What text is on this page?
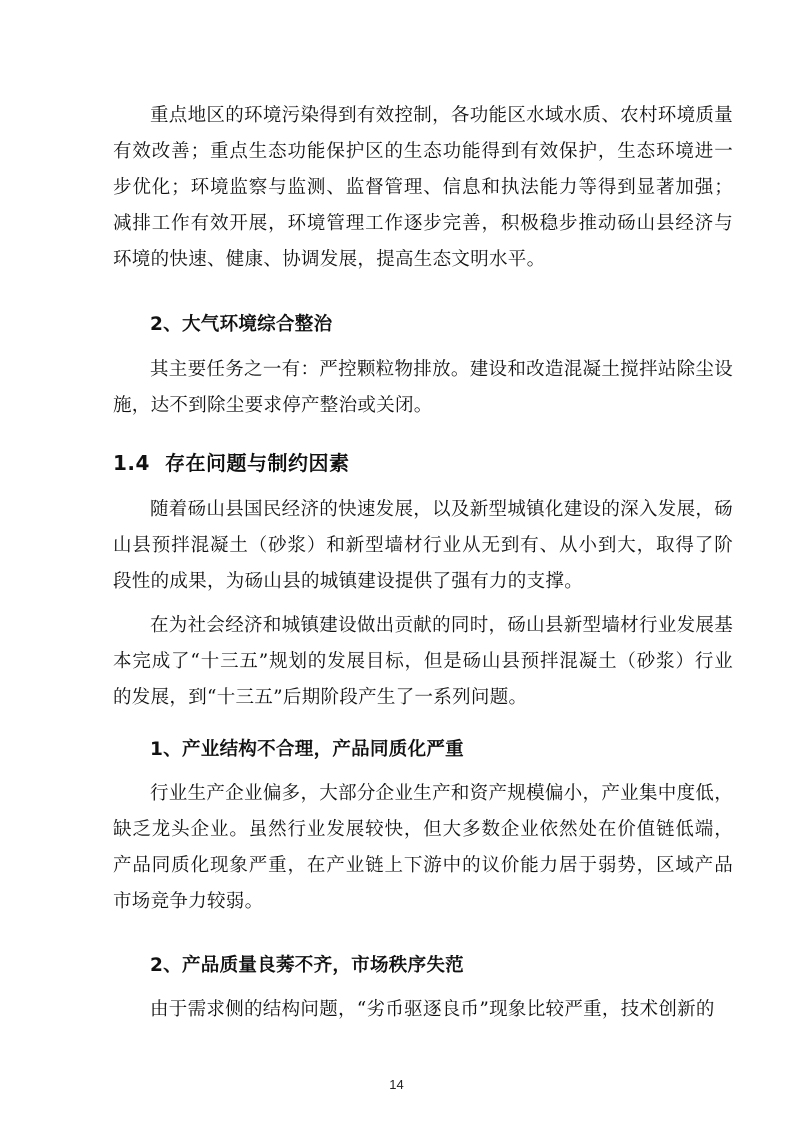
重点地区的环境污染得到有效控制，各功能区水域水质、农村环境质量有效改善；重点生态功能保护区的生态功能得到有效保护，生态环境进一步优化；环境监察与监测、监督管理、信息和执法能力等得到显著加强；减排工作有效开展，环境管理工作逐步完善，积极稳步推动砀山县经济与环境的快速、健康、协调发展，提高生态文明水平。
2、大气环境综合整治
其主要任务之一有：严控颗粒物排放。建设和改造混凝土搅拌站除尘设施，达不到除尘要求停产整治或关闭。
1.4 存在问题与制约因素
随着砀山县国民经济的快速发展，以及新型城镇化建设的深入发展，砀山县预拌混凝土（砂浆）和新型墙材行业从无到有、从小到大，取得了阶段性的成果，为砀山县的城镇建设提供了强有力的支撑。
在为社会经济和城镇建设做出贡献的同时，砀山县新型墙材行业发展基本完成了“十三五”规划的发展目标，但是砀山县预拌混凝土（砂浆）行业的发展，到“十三五”后期阶段产生了一系列问题。
1、产业结构不合理，产品同质化严重
行业生产企业偏多，大部分企业生产和资产规模偏小，产业集中度低，缺乏龙头企业。虽然行业发展较快，但大多数企业依然处在价值链低端，产品同质化现象严重，在产业链上下游中的议价能力居于弱势，区域产品市场竞争力较弱。
2、产品质量良莠不齐，市场秩序失范
由于需求侧的结构问题，“劣币驱逐良币”现象比较严重，技术创新的
14
